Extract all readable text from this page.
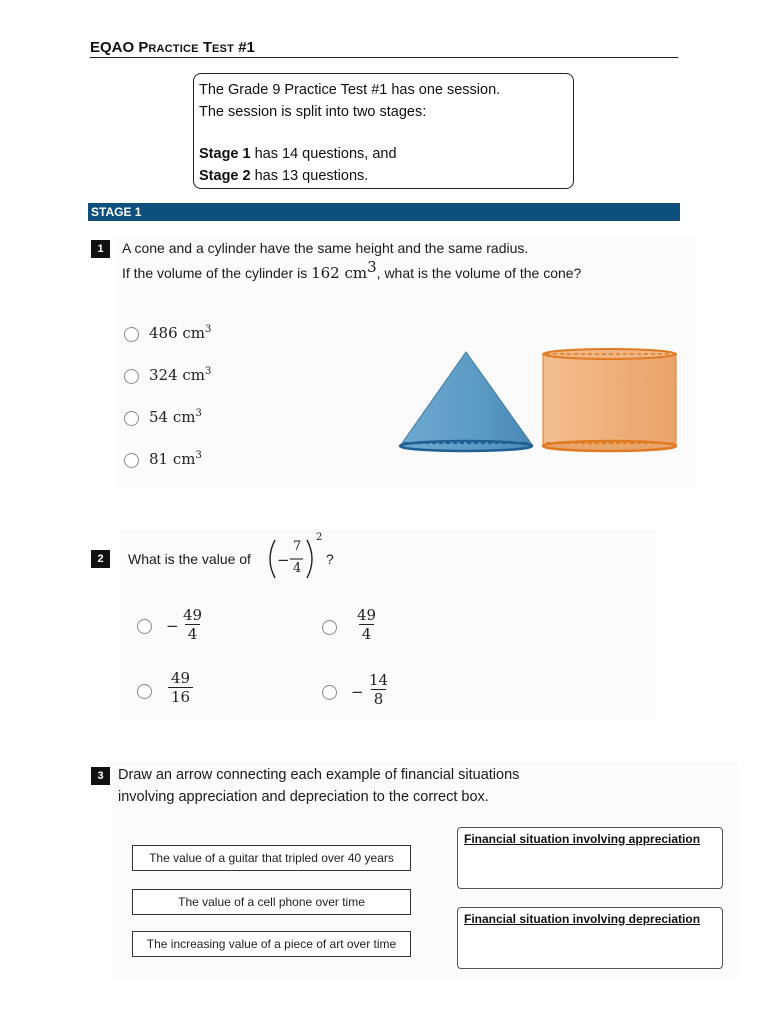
EQAO PRACTICE TEST #1
The Grade 9 Practice Test #1 has one session.
The session is split into two stages:
Stage 1 has 14 questions, and
Stage 2 has 13 questions.
STAGE 1
1	A cone and a cylinder have the same height and the same radius.
If the volume of the cylinder is 162 $cm^3$, what is the volume of the cone?
486 $cm^3$
324 $cm^3$
54 $cm^3$
81 $cm^3$
2	What is the value of −
7
4
2
?
− $\frac{49}{4}$	$\frac{49}{4}$
$\frac{49}{16}$	− $\frac{14}{8}$
3 Draw an arrow connecting each example of financial situations
involving appreciation and depreciation to the correct box.
The value of a guitar that tripled over 40 years
The value of a cell phone over time
The increasing value of a piece of art over time
Financial situation involving appreciation
Financial situation involving depreciation
